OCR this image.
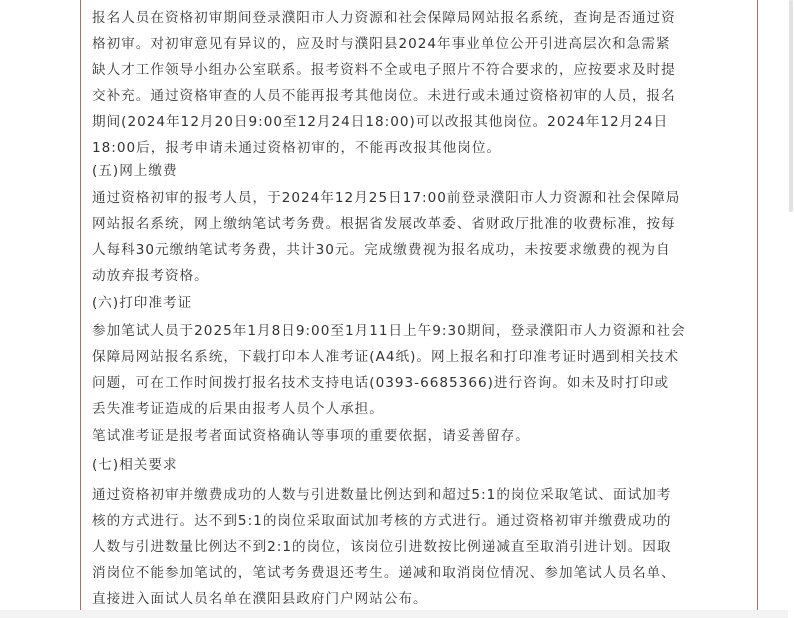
报名人员在资格初审期间登录濮阳市人力资源和社会保障局网站报名系统，查询是否通过资
格初审。对初审意见有异议的，应及时与濮阳县2024年事业单位公开引进高层次和急需紧
缺人才工作领导小组办公室联系。报考资料不全或电子照片不符合要求的，应按要求及时提
交补充。通过资格审查的人员不能再报考其他岗位。未进行或未通过资格初审的人员，报名
期间(2024年12月20日9:00至12月24日18:00)可以改报其他岗位。2024年12月24日
18:00后，报考申请未通过资格初审的，不能再改报其他岗位。
(五)网上缴费
通过资格初审的报考人员，于2024年12月25日17:00前登录濮阳市人力资源和社会保障局
网站报名系统，网上缴纳笔试考务费。根据省发展改革委、省财政厅批准的收费标准，按每
人每科30元缴纳笔试考务费，共计30元。完成缴费视为报名成功，未按要求缴费的视为自
动放弃报考资格。
(六)打印准考证
参加笔试人员于2025年1月8日9:00至1月11日上午9:30期间，登录濮阳市人力资源和社会
保障局网站报名系统，下载打印本人准考证(A4纸)。网上报名和打印准考证时遇到相关技术
问题，可在工作时间拨打报名技术支持电话(0393-6685366)进行咨询。如未及时打印或
丢失准考证造成的后果由报考人员个人承担。
笔试准考证是报考者面试资格确认等事项的重要依据，请妥善留存。
(七)相关要求
通过资格初审并缴费成功的人数与引进数量比例达到和超过5:1的岗位采取笔试、面试加考
核的方式进行。达不到5:1的岗位采取面试加考核的方式进行。通过资格初审并缴费成功的
人数与引进数量比例达不到2:1的岗位，该岗位引进数按比例递减直至取消引进计划。因取
消岗位不能参加笔试的，笔试考务费退还考生。递减和取消岗位情况、参加笔试人员名单、
直接进入面试人员名单在濮阳县政府门户网站公布。
